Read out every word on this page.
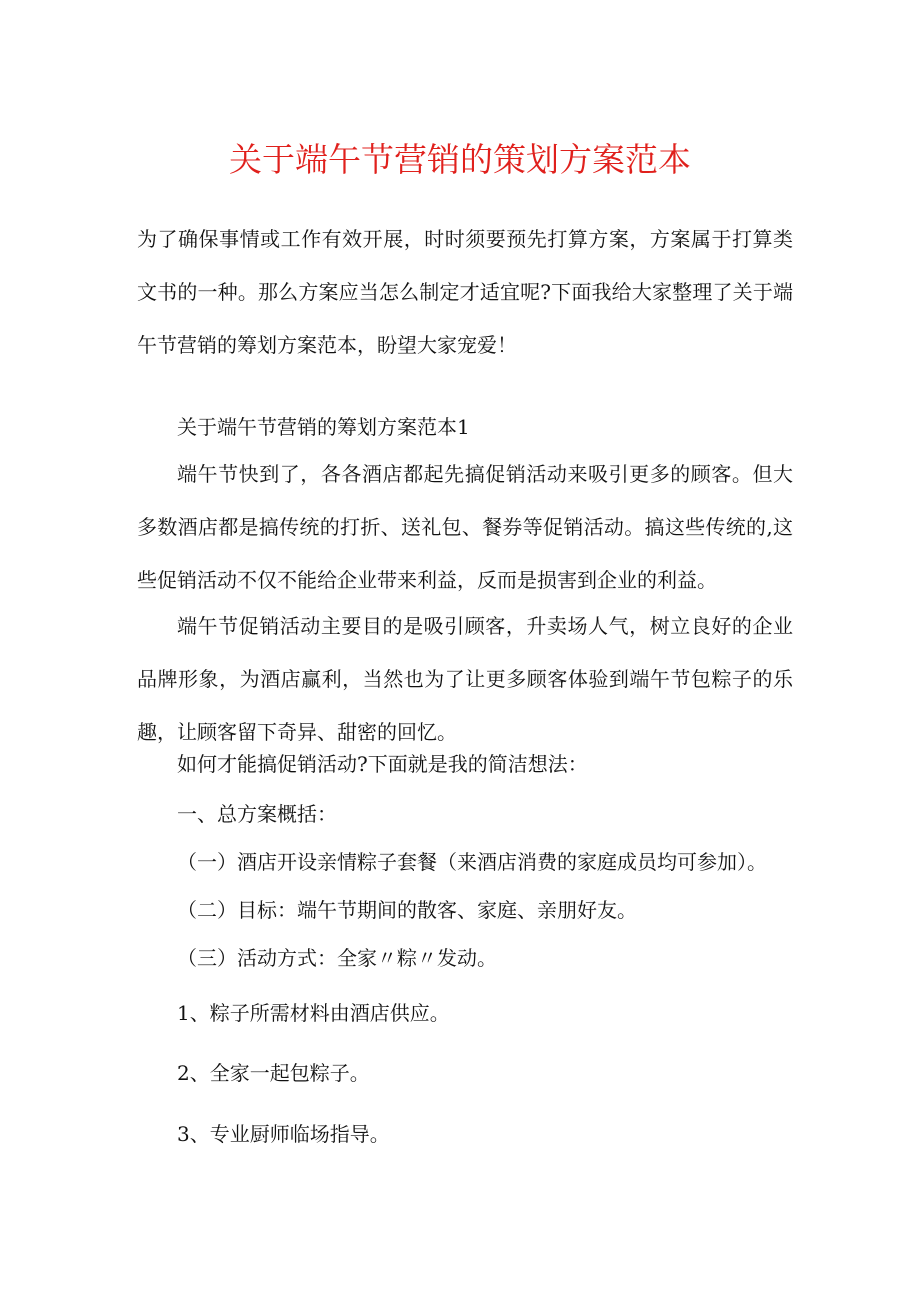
关于端午节营销的策划方案范本

为了确保事情或工作有效开展，时时须要预先打算方案，方案属于打算类文书的一种。那么方案应当怎么制定才适宜呢?下面我给大家整理了关于端午节营销的筹划方案范本，盼望大家宠爱！

关于端午节营销的筹划方案范本1

端午节快到了，各各酒店都起先搞促销活动来吸引更多的顾客。但大多数酒店都是搞传统的打折、送礼包、餐券等促销活动。搞这些传统的,这些促销活动不仅不能给企业带来利益，反而是损害到企业的利益。

端午节促销活动主要目的是吸引顾客，升卖场人气，树立良好的企业品牌形象，为酒店赢利，当然也为了让更多顾客体验到端午节包粽子的乐趣，让顾客留下奇异、甜密的回忆。

如何才能搞促销活动?下面就是我的简洁想法：

一、总方案概括：

（一）酒店开设亲情粽子套餐（来酒店消费的家庭成员均可参加）。

（二）目标：端午节期间的散客、家庭、亲朋好友。

（三）活动方式：全家〃粽〃发动。

1、粽子所需材料由酒店供应。

2、全家一起包粽子。

3、专业厨师临场指导。
